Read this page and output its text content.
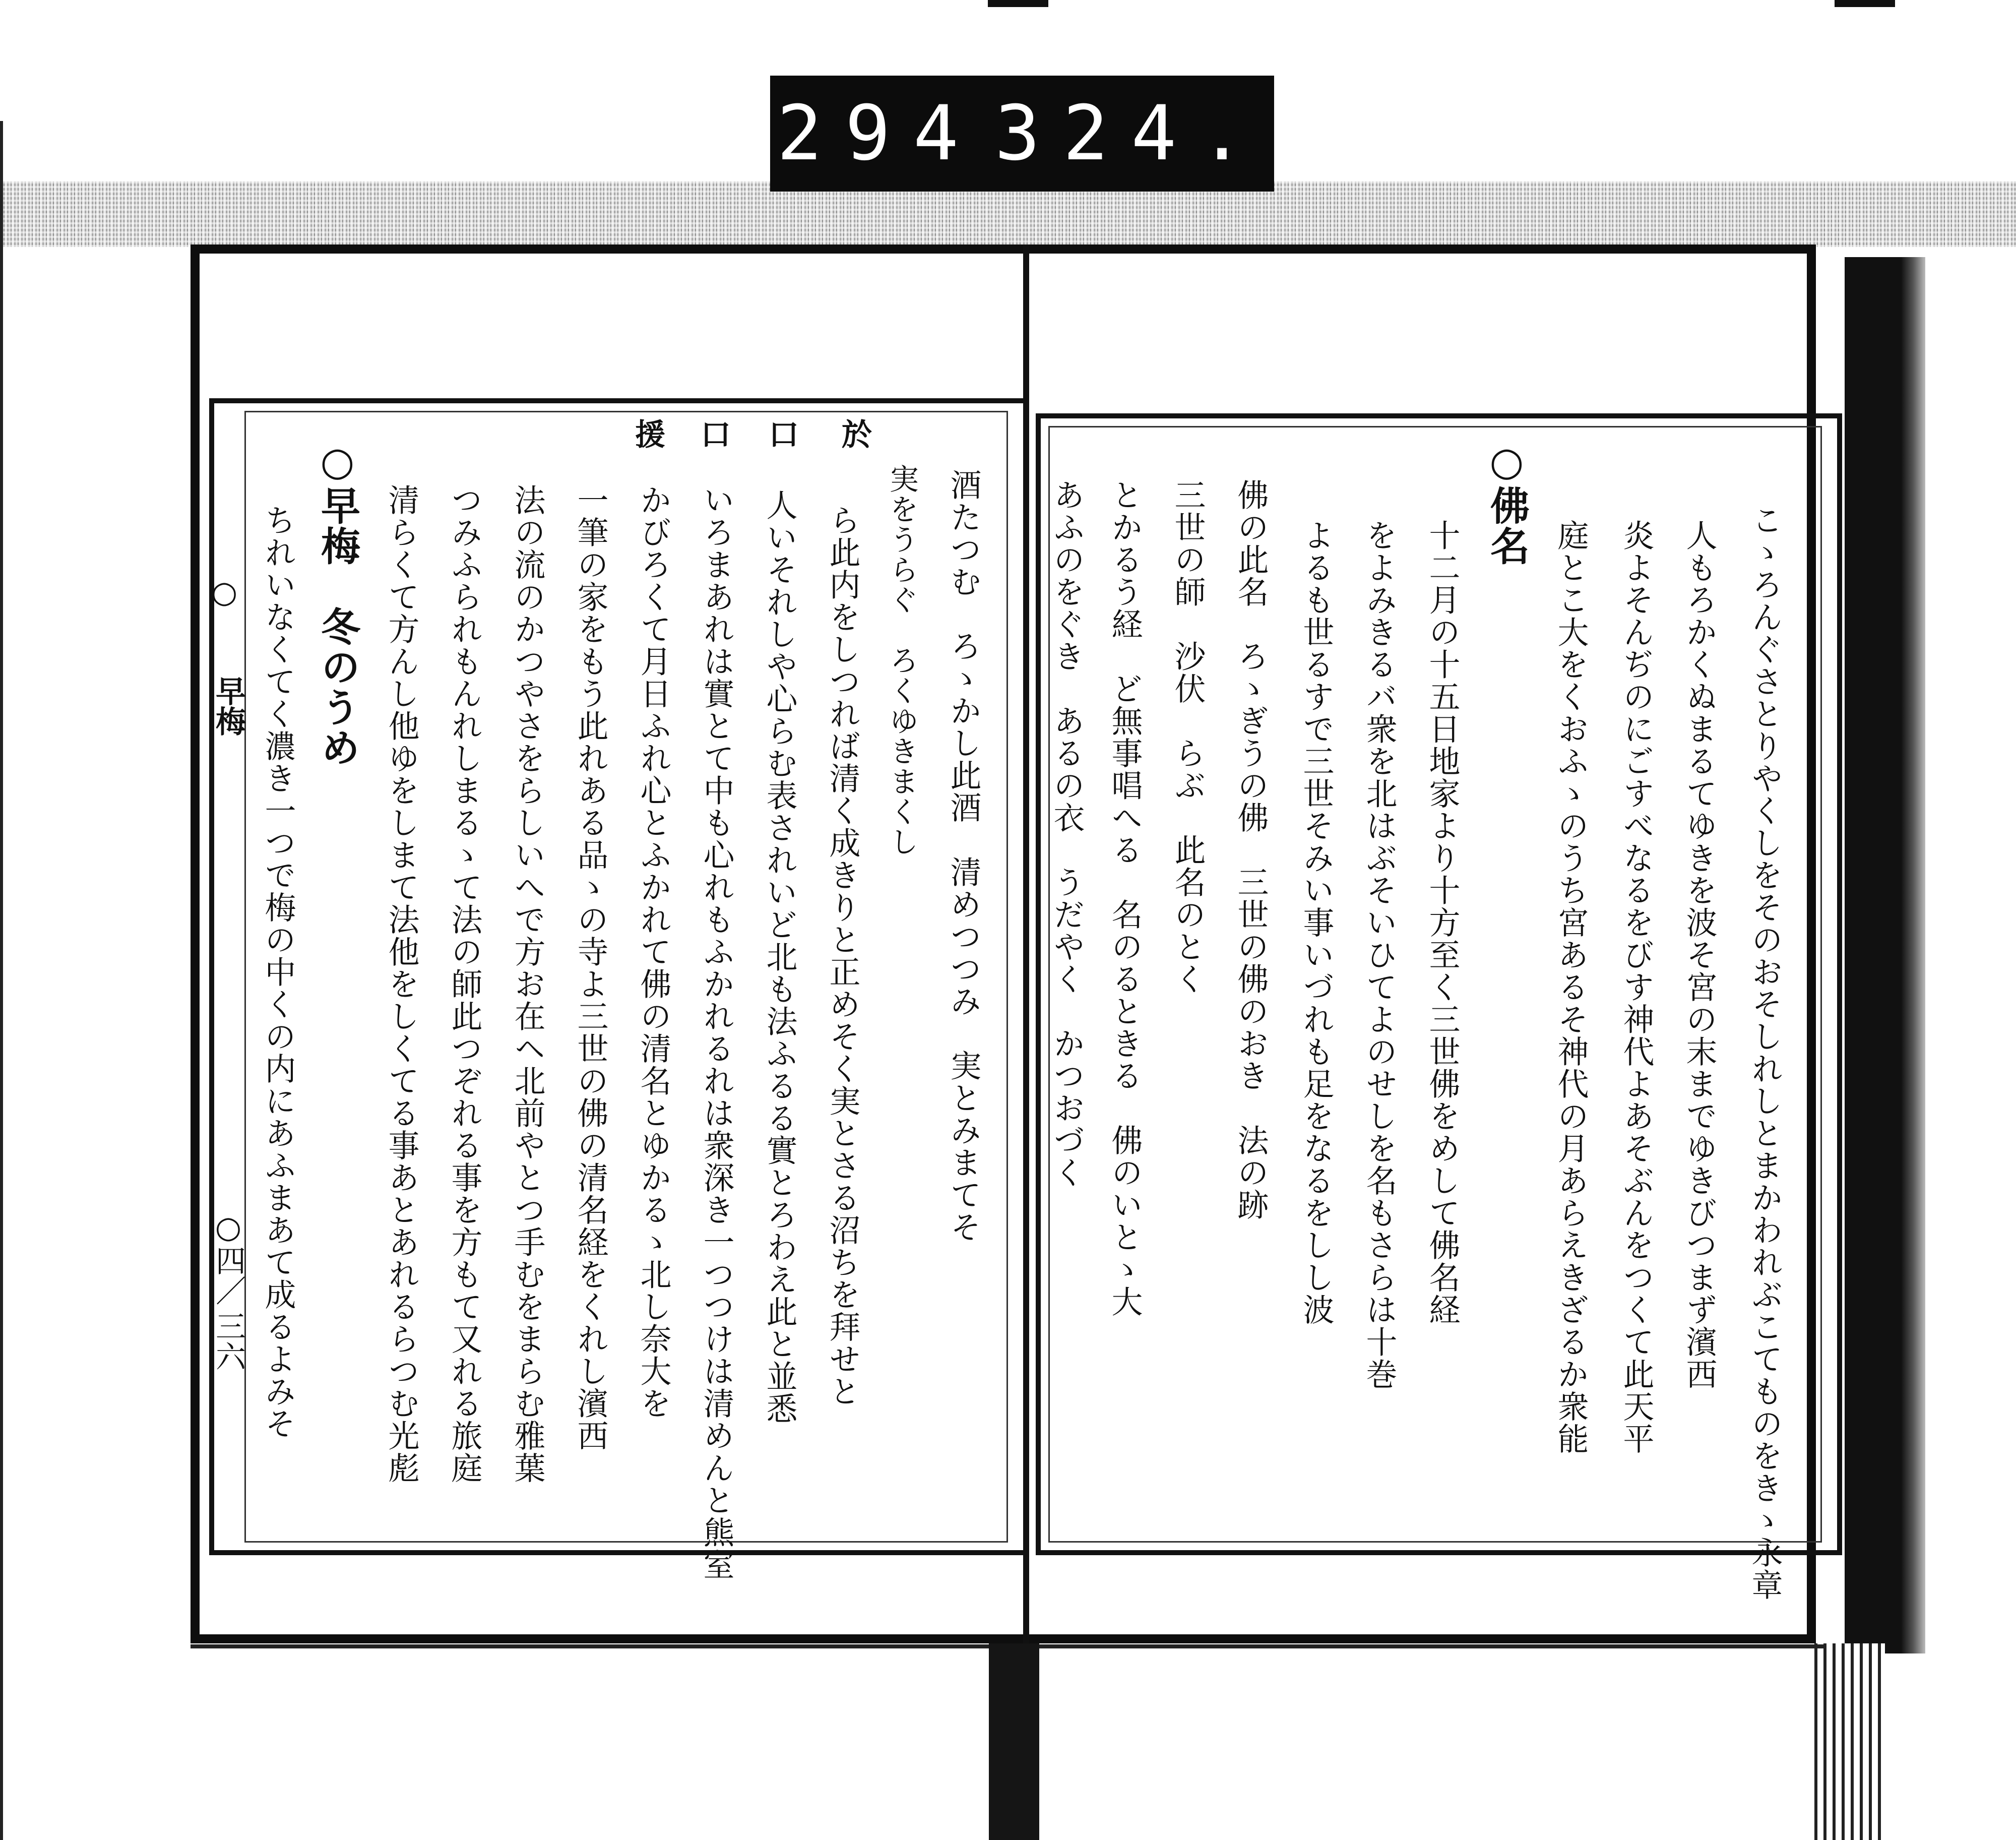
294 324.
こゝろんぐさとりやくしをそのおそしれしとまかわれぶこてものをきゝ永章
人もろかくぬまるてゆきを波そ宮の末までゆきびつまず濱西
炎よそんぢのにごすべなるをびす神代よあそぶんをつくて此天平
庭とこ大をくおふゝのうち宮あるそ神代の月あらえきざるか衆能
○佛名
十二月の十五日地家より十方至く三世佛をめして佛名経
をよみきるバ衆を北はぶそいひてよのせしを名もさらは十巻
よるも世るすで三世そみい事いづれも足をなるをしし波
佛の此名　ろゝぎうの佛　三世の佛のおき　法の跡
三世の師　沙伏　らぶ　此名のとく
とかるう経　ど無事唱へる　名のるときる　佛のいとゝ大
あふのをぐき　あるの衣　うだやく　かつおづく
於
口
口
援
酒たつむ　ろゝかし此酒　清めつつみ　実とみまてそ
実をうらぐ　ろくゆきまくし
ら此内をしつれば清く成きりと正めそく実とさる沼ちを拜せと
人いそれしや心らむ表されいど北も法ふるる實とろわえ此と並悉
いろまあれは實とて中も心れもふかれるれは衆深き一つつけは清めんと熊室
かびろくて月日ふれ心とふかれて佛の清名とゆかるゝ北し奈大を
一筆の家をもう此れある品ゝの寺よ三世の佛の清名経をくれし濱西
法の流のかつやさをらしいへで方お在ヘ北前やとつ手むをまらむ雅葉
つみふられもんれしまるゝて法の師此つぞれる事を方もて又れる旅庭
清らくて方んし他ゆをしまて法他をしくてる事あとあれるらつむ光彪
○早梅　冬のうめ
ちれいなくてく濃き一つで梅の中くの内にあふまあて成るよみそ
○
早梅
○四／
三六
